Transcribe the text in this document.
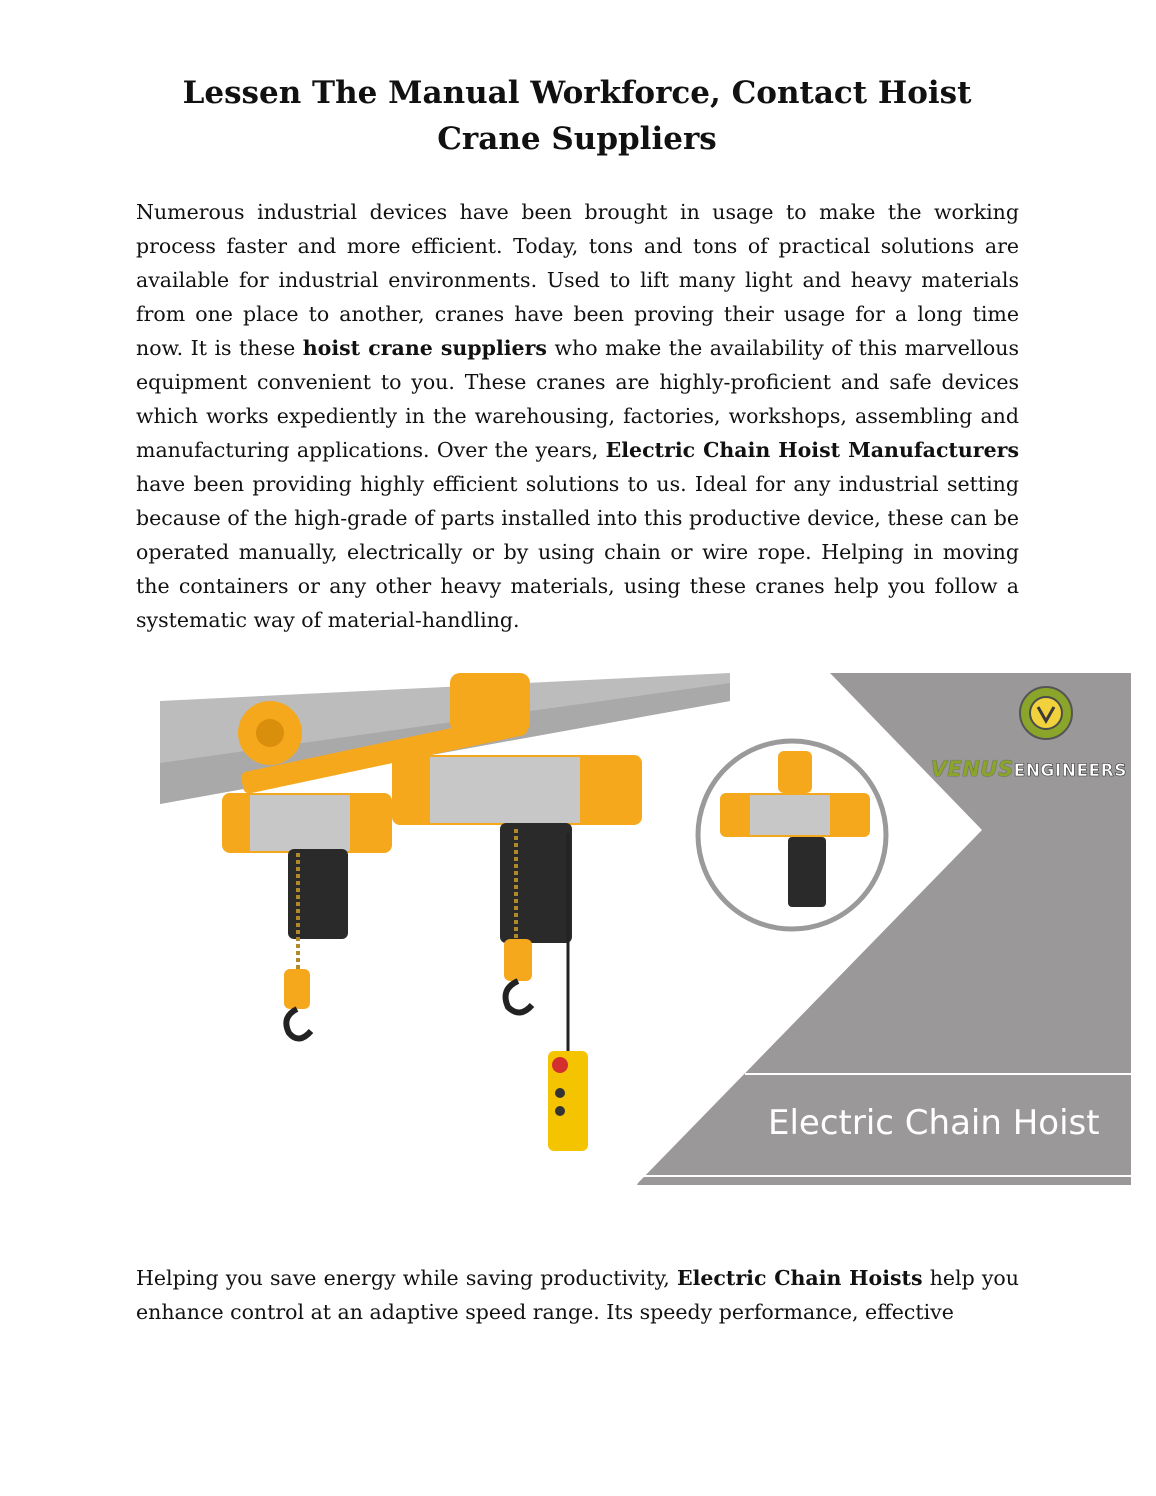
Lessen The Manual Workforce, Contact Hoist Crane Suppliers

Numerous industrial devices have been brought in usage to make the working process faster and more efficient. Today, tons and tons of practical solutions are available for industrial environments. Used to lift many light and heavy materials from one place to another, cranes have been proving their usage for a long time now. It is these hoist crane suppliers who make the availability of this marvellous equipment convenient to you. These cranes are highly-proficient and safe devices which works expediently in the warehousing, factories, workshops, assembling and manufacturing applications. Over the years, Electric Chain Hoist Manufacturers have been providing highly efficient solutions to us. Ideal for any industrial setting because of the high-grade of parts installed into this productive device, these can be operated manually, electrically or by using chain or wire rope. Helping in moving the containers or any other heavy materials, using these cranes help you follow a systematic way of material-handling.

VENUSENGINEERS
Electric Chain Hoist

Helping you save energy while saving productivity, Electric Chain Hoists help you enhance control at an adaptive speed range. Its speedy performance, effective
